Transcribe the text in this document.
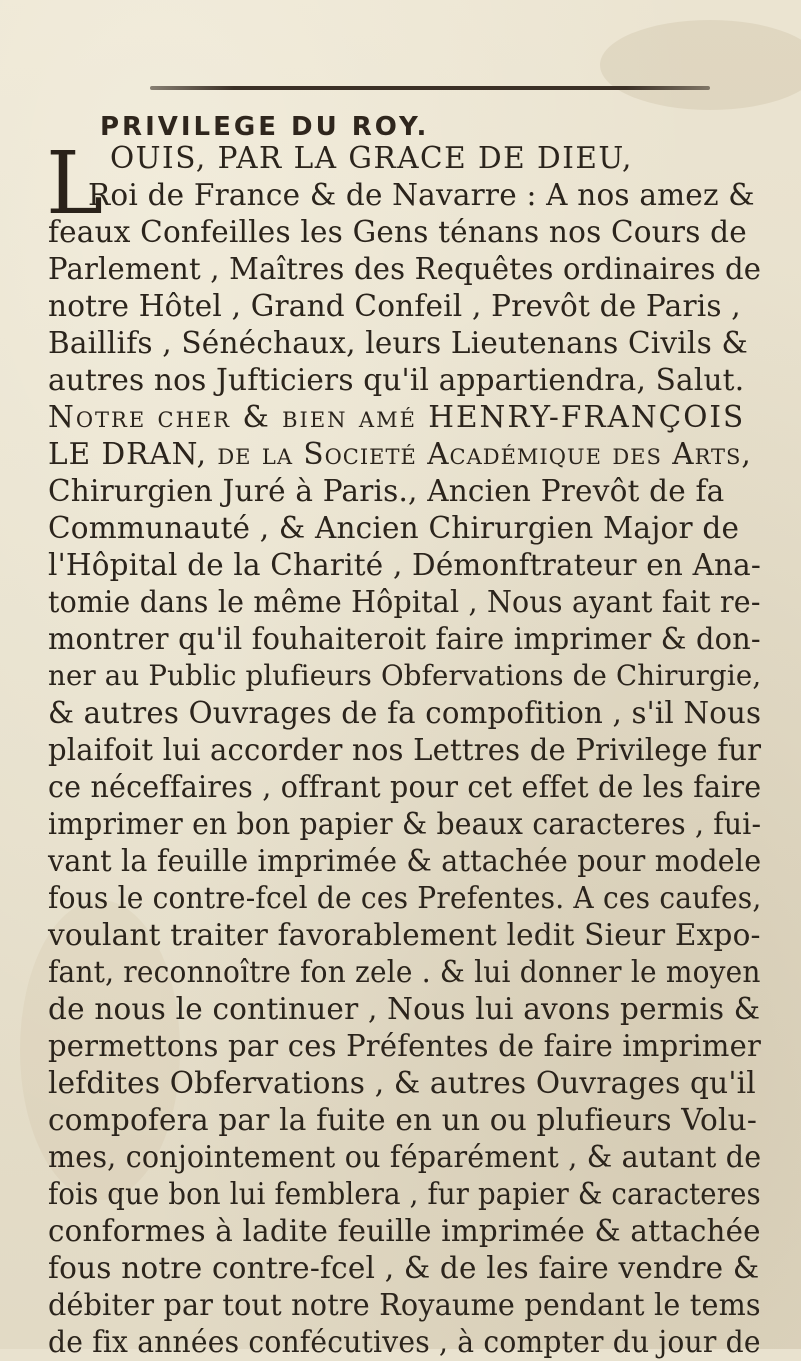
PRIVILEGE DU ROY.
L OUIS, PAR LA GRACE DE DIEU,
Roi de France & de Navarre : A nos amez &
feaux Confeilles les Gens ténans nos Cours de
Parlement , Maîtres des Requêtes ordinaires de
notre Hôtel , Grand Confeil , Prevôt de Paris ,
Baillifs , Sénéchaux, leurs Lieutenans Civils &
autres nos Jufticiers qu'il appartiendra, Salut.
Notre cher & bien amé HENRY-FRANÇOIS
LE DRAN, de la Societé Académique des Arts,
Chirurgien Juré à Paris., Ancien Prevôt de fa
Communauté , & Ancien Chirurgien Major de
l'Hôpital de la Charité , Démonftrateur en Ana-
tomie dans le même Hôpital , Nous ayant fait re-
montrer qu'il fouhaiteroit faire imprimer & don-
ner au Public plufieurs Obfervations de Chirurgie,
& autres Ouvrages de fa compofition , s'il Nous
plaifoit lui accorder nos Lettres de Privilege fur
ce néceffaires , offrant pour cet effet de les faire
imprimer en bon papier & beaux caracteres , fui-
vant la feuille imprimée & attachée pour modele
fous le contre-fcel de ces Prefentes. A ces caufes,
voulant traiter favorablement ledit Sieur Expo-
fant, reconnoître fon zele . & lui donner le moyen
de nous le continuer , Nous lui avons permis &
permettons par ces Préfentes de faire imprimer
lefdites Obfervations , & autres Ouvrages qu'il
compofera par la fuite en un ou plufieurs Volu-
mes, conjointement ou féparément , & autant de
fois que bon lui femblera , fur papier & caracteres
conformes à ladite feuille imprimée & attachée
fous notre contre-fcel , & de les faire vendre &
débiter par tout notre Royaume pendant le tems
de fix années confécutives , à compter du jour de
